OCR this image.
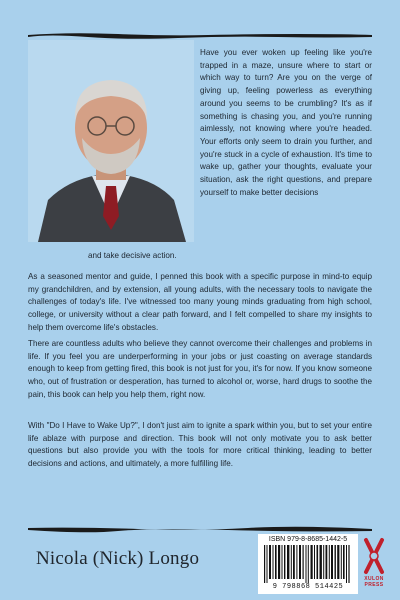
Have you ever woken up feeling like you're trapped in a maze, unsure where to start or which way to turn? Are you on the verge of giving up, feeling powerless as everything around you seems to be crumbling? It's as if something is chasing you, and you're running aimlessly, not knowing where you're headed. Your efforts only seem to drain you further, and you're stuck in a cycle of exhaustion. It's time to wake up, gather your thoughts, evaluate your situation, ask the right questions, and prepare yourself to make better decisions

and take decisive action.

As a seasoned mentor and guide, I penned this book with a specific purpose in mind-to equip my grandchildren, and by extension, all young adults, with the necessary tools to navigate the challenges of today's life. I've witnessed too many young minds graduating from high school, college, or university without a clear path forward, and I felt compelled to share my insights to help them overcome life's obstacles.

There are countless adults who believe they cannot overcome their challenges and problems in life. If you feel you are underperforming in your jobs or just coasting on average standards enough to keep from getting fired, this book is not just for you, it's for now. If you know someone who, out of frustration or desperation, has turned to alcohol or, worse, hard drugs to soothe the pain, this book can help you help them, right now.

With "Do I Have to Wake Up?", I don't just aim to ignite a spark within you, but to set your entire life ablaze with purpose and direction. This book will not only motivate you to ask better questions but also provide you with the tools for more critical thinking, leading to better decisions and actions, and ultimately, a more fulfilling life.

Nicola (Nick) Longo
ISBN 979-8-8685-1442-5
9 798868 514425
XULON PRESS
